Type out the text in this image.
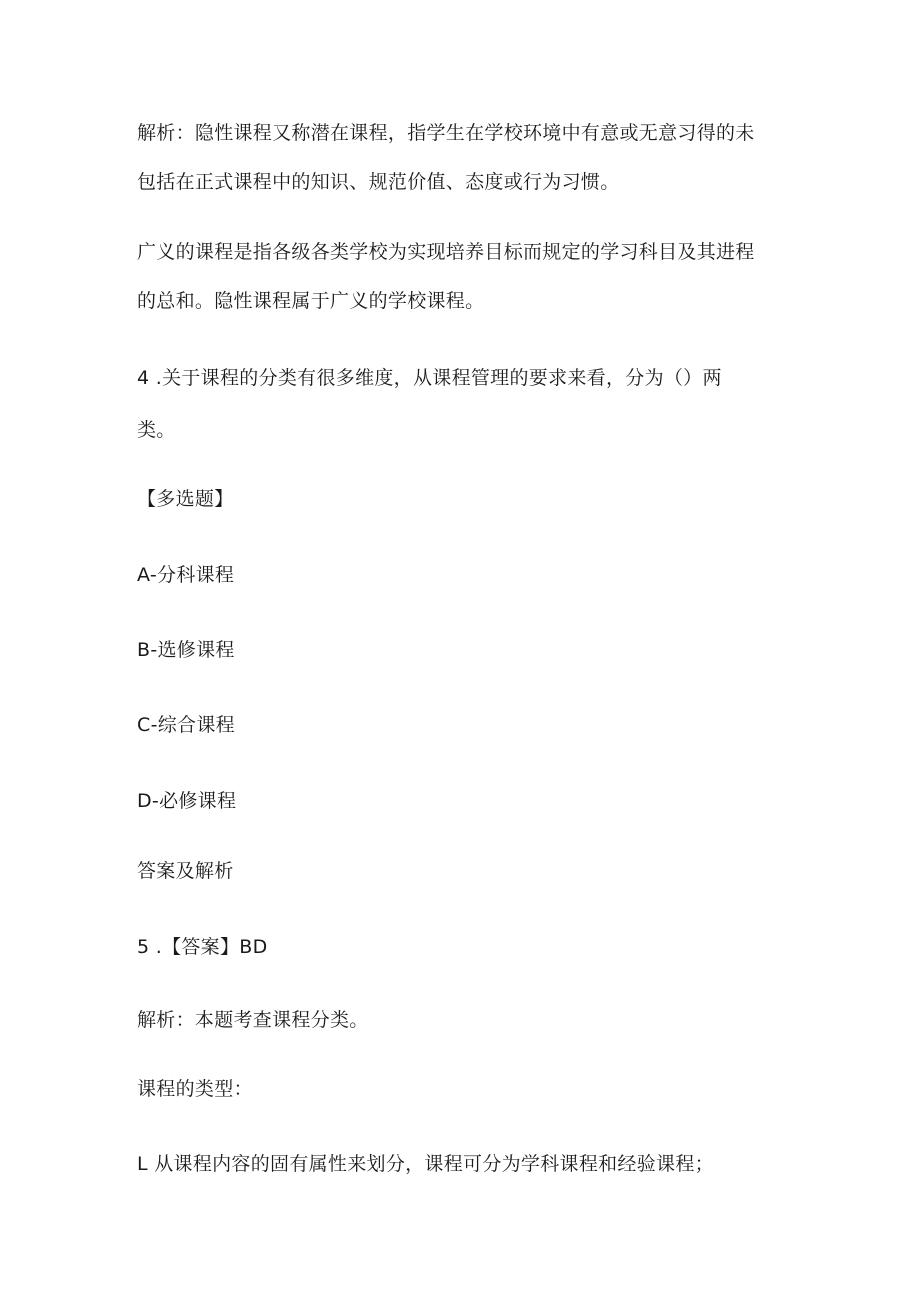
解析：隐性课程又称潜在课程，指学生在学校环境中有意或无意习得的未
包括在正式课程中的知识、规范价值、态度或行为习惯。
广义的课程是指各级各类学校为实现培养目标而规定的学习科目及其进程
的总和。隐性课程属于广义的学校课程。
4 .关于课程的分类有很多维度，从课程管理的要求来看，分为（）两
类。
【多选题】
A-分科课程
B-选修课程
C-综合课程
D-必修课程
答案及解析
5 .【答案】BD
解析：本题考查课程分类。
课程的类型：
L 从课程内容的固有属性来划分，课程可分为学科课程和经验课程；
